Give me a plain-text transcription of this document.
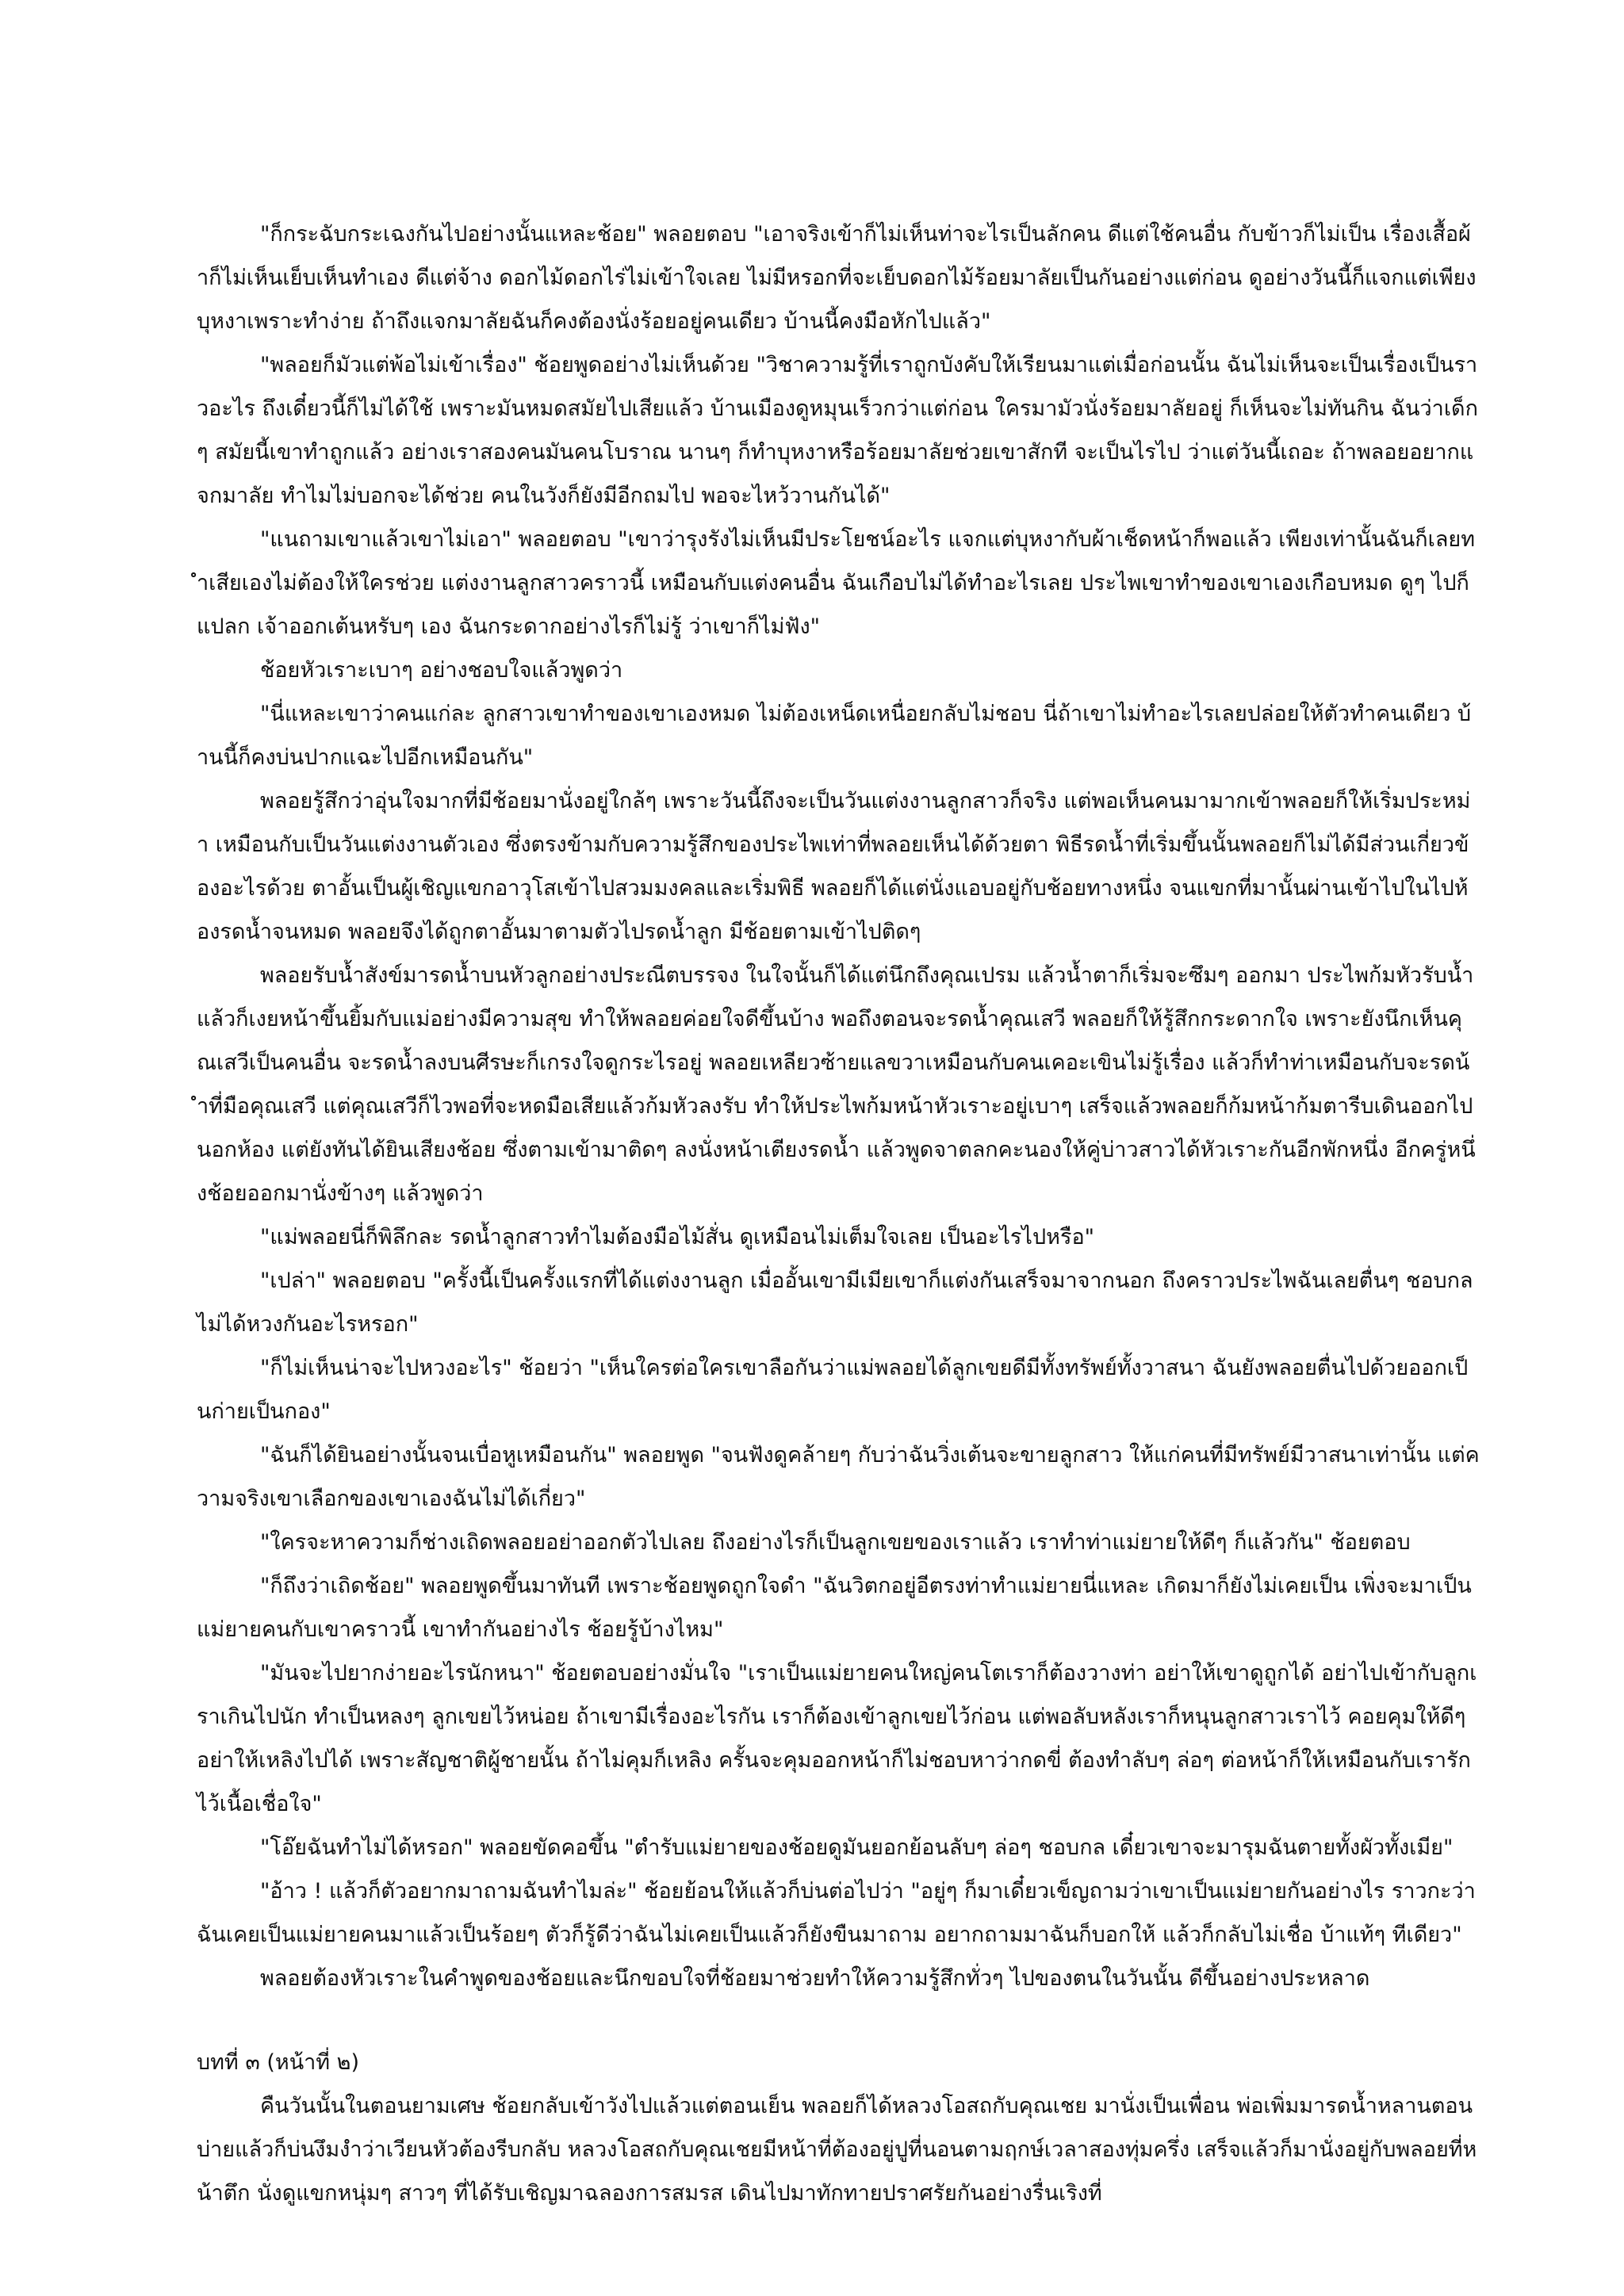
"ก็กระฉับกระเฉงกันไปอย่างนั้นแหละช้อย" พลอยตอบ "เอาจริงเข้าก็ไม่เห็นท่าจะไรเป็นลักคน ดีแต่ใช้คนอื่น กับข้าวก็ไม่เป็น เรื่องเสื้อผ้าก็ไม่เห็นเย็บเห็นทำเอง ดีแต่จ้าง ดอกไม้ดอกไร่ไม่เข้าใจเลย ไม่มีหรอกที่จะเย็บดอกไม้ร้อยมาลัยเป็นกันอย่างแต่ก่อน ดูอย่างวันนี้ก็แจกแต่เพียงบุหงาเพราะทำง่าย ถ้าถึงแจกมาลัยฉันก็คงต้องนั่งร้อยอยู่คนเดียว บ้านนี้คงมือหักไปแล้ว"

"พลอยก็มัวแต่พ้อไม่เข้าเรื่อง" ช้อยพูดอย่างไม่เห็นด้วย "วิชาความรู้ที่เราถูกบังคับให้เรียนมาแต่เมื่อก่อนนั้น ฉันไม่เห็นจะเป็นเรื่องเป็นราวอะไร ถึงเดี๋ยวนี้ก็ไม่ได้ใช้ เพราะมันหมดสมัยไปเสียแล้ว บ้านเมืองดูหมุนเร็วกว่าแต่ก่อน ใครมามัวนั่งร้อยมาลัยอยู่ ก็เห็นจะไม่ทันกิน ฉันว่าเด็กๆ สมัยนี้เขาทำถูกแล้ว อย่างเราสองคนมันคนโบราณ นานๆ ก็ทำบุหงาหรือร้อยมาลัยช่วยเขาสักที จะเป็นไรไป ว่าแต่วันนี้เถอะ ถ้าพลอยอยากแจกมาลัย ทำไมไม่บอกจะได้ช่วย คนในวังก็ยังมีอีกถมไป พอจะไหว้วานกันได้"

"แนถามเขาแล้วเขาไม่เอา" พลอยตอบ "เขาว่ารุงรังไม่เห็นมีประโยชน์อะไร แจกแต่บุหงากับผ้าเช็ดหน้าก็พอแล้ว เพียงเท่านั้นฉันก็เลยทำเสียเองไม่ต้องให้ใครช่วย แต่งงานลูกสาวคราวนี้ เหมือนกับแต่งคนอื่น ฉันเกือบไม่ได้ทำอะไรเลย ประไพเขาทำของเขาเองเกือบหมด ดูๆ ไปก็แปลก เจ้าออกเต้นหรับๆ เอง ฉันกระดากอย่างไรก็ไม่รู้ ว่าเขาก็ไม่ฟัง"

ช้อยหัวเราะเบาๆ อย่างชอบใจแล้วพูดว่า

"นี่แหละเขาว่าคนแก่ละ ลูกสาวเขาทำของเขาเองหมด ไม่ต้องเหน็ดเหนื่อยกลับไม่ชอบ นี่ถ้าเขาไม่ทำอะไรเลยปล่อยให้ตัวทำคนเดียว บ้านนี้ก็คงบ่นปากแฉะไปอีกเหมือนกัน"

พลอยรู้สึกว่าอุ่นใจมากที่มีช้อยมานั่งอยู่ใกล้ๆ เพราะวันนี้ถึงจะเป็นวันแต่งงานลูกสาวก็จริง แต่พอเห็นคนมามากเข้าพลอยก็ให้เริ่มประหม่า เหมือนกับเป็นวันแต่งงานตัวเอง ซึ่งตรงข้ามกับความรู้สึกของประไพเท่าที่พลอยเห็นได้ด้วยตา พิธีรดน้ำที่เริ่มขึ้นนั้นพลอยก็ไม่ได้มีส่วนเกี่ยวข้องอะไรด้วย ตาอั้นเป็นผู้เชิญแขกอาวุโสเข้าไปสวมมงคลและเริ่มพิธี พลอยก็ได้แต่นั่งแอบอยู่กับช้อยทางหนึ่ง จนแขกที่มานั้นผ่านเข้าไปในไปห้องรดน้ำจนหมด พลอยจึงได้ถูกตาอั้นมาตามตัวไปรดน้ำลูก มีช้อยตามเข้าไปติดๆ

พลอยรับน้ำสังข์มารดน้ำบนหัวลูกอย่างประณีตบรรจง ในใจนั้นก็ได้แต่นึกถึงคุณเปรม แล้วน้ำตาก็เริ่มจะซึมๆ ออกมา ประไพก้มหัวรับน้ำแล้วก็เงยหน้าขึ้นยิ้มกับแม่อย่างมีความสุข ทำให้พลอยค่อยใจดีขึ้นบ้าง พอถึงตอนจะรดน้ำคุณเสวี พลอยก็ให้รู้สึกกระดากใจ เพราะยังนึกเห็นคุณเสวีเป็นคนอื่น จะรดน้ำลงบนศีรษะก็เกรงใจดูกระไรอยู่ พลอยเหลียวซ้ายแลขวาเหมือนกับคนเคอะเขินไม่รู้เรื่อง แล้วก็ทำท่าเหมือนกับจะรดน้ำที่มือคุณเสวี แต่คุณเสวีก็ไวพอที่จะหดมือเสียแล้วก้มหัวลงรับ ทำให้ประไพก้มหน้าหัวเราะอยู่เบาๆ เสร็จแล้วพลอยก็ก้มหน้าก้มตารีบเดินออกไปนอกห้อง แต่ยังทันได้ยินเสียงช้อย ซึ่งตามเข้ามาติดๆ ลงนั่งหน้าเตียงรดน้ำ แล้วพูดจาตลกคะนองให้คู่บ่าวสาวได้หัวเราะกันอีกพักหนึ่ง อีกครู่หนึ่งช้อยออกมานั่งข้างๆ แล้วพูดว่า

"แม่พลอยนี่ก็พิลึกละ รดน้ำลูกสาวทำไมต้องมือไม้สั่น ดูเหมือนไม่เต็มใจเลย เป็นอะไรไปหรือ"

"เปล่า" พลอยตอบ "ครั้งนี้เป็นครั้งแรกที่ได้แต่งงานลูก เมื่ออั้นเขามีเมียเขาก็แต่งกันเสร็จมาจากนอก ถึงคราวประไพฉันเลยตื่นๆ ชอบกล ไม่ได้หวงกันอะไรหรอก"

"ก็ไม่เห็นน่าจะไปหวงอะไร" ช้อยว่า "เห็นใครต่อใครเขาลือกันว่าแม่พลอยได้ลูกเขยดีมีทั้งทรัพย์ทั้งวาสนา ฉันยังพลอยตื่นไปด้วยออกเป็นก่ายเป็นกอง"

"ฉันก็ได้ยินอย่างนั้นจนเบื่อหูเหมือนกัน" พลอยพูด "จนฟังดูคล้ายๆ กับว่าฉันวิ่งเต้นจะขายลูกสาว ให้แก่คนที่มีทรัพย์มีวาสนาเท่านั้น แต่ความจริงเขาเลือกของเขาเองฉันไม่ได้เกี่ยว"

"ใครจะหาความก็ช่างเถิดพลอยอย่าออกตัวไปเลย ถึงอย่างไรก็เป็นลูกเขยของเราแล้ว เราทำท่าแม่ยายให้ดีๆ ก็แล้วกัน" ช้อยตอบ

"ก็ถึงว่าเถิดช้อย" พลอยพูดขึ้นมาทันที เพราะช้อยพูดถูกใจดำ "ฉันวิตกอยู่อีตรงท่าทำแม่ยายนี่แหละ เกิดมาก็ยังไม่เคยเป็น เพิ่งจะมาเป็นแม่ยายคนกับเขาคราวนี้ เขาทำกันอย่างไร ช้อยรู้บ้างไหม"

"มันจะไปยากง่ายอะไรนักหนา" ช้อยตอบอย่างมั่นใจ "เราเป็นแม่ยายคนใหญ่คนโตเราก็ต้องวางท่า อย่าให้เขาดูถูกได้ อย่าไปเข้ากับลูกเราเกินไปนัก ทำเป็นหลงๆ ลูกเขยไว้หน่อย ถ้าเขามีเรื่องอะไรกัน เราก็ต้องเข้าลูกเขยไว้ก่อน แต่พอลับหลังเราก็หนุนลูกสาวเราไว้ คอยคุมให้ดีๆ อย่าให้เหลิงไปได้ เพราะสัญชาติผู้ชายนั้น ถ้าไม่คุมก็เหลิง ครั้นจะคุมออกหน้าก็ไม่ชอบหาว่ากดขี่ ต้องทำลับๆ ล่อๆ ต่อหน้าก็ให้เหมือนกับเรารักไว้เนื้อเชื่อใจ"

"โอ๊ยฉันทำไม่ได้หรอก" พลอยขัดคอขึ้น "ตำรับแม่ยายของช้อยดูมันยอกย้อนลับๆ ล่อๆ ชอบกล เดี๋ยวเขาจะมารุมฉันตายทั้งผัวทั้งเมีย"

"อ้าว ! แล้วก็ตัวอยากมาถามฉันทำไมล่ะ" ช้อยย้อนให้แล้วก็บ่นต่อไปว่า "อยู่ๆ ก็มาเดี๋ยวเข็ญถามว่าเขาเป็นแม่ยายกันอย่างไร ราวกะว่าฉันเคยเป็นแม่ยายคนมาแล้วเป็นร้อยๆ ตัวก็รู้ดีว่าฉันไม่เคยเป็นแล้วก็ยังขืนมาถาม อยากถามมาฉันก็บอกให้ แล้วก็กลับไม่เชื่อ บ้าแท้ๆ ทีเดียว"

พลอยต้องหัวเราะในคำพูดของช้อยและนึกขอบใจที่ช้อยมาช่วยทำให้ความรู้สึกทั่วๆ ไปของตนในวันนั้น ดีขึ้นอย่างประหลาด

บทที่ ๓ (หน้าที่ ๒)

คืนวันนั้นในตอนยามเศษ ช้อยกลับเข้าวังไปแล้วแต่ตอนเย็น พลอยก็ได้หลวงโอสถกับคุณเชย มานั่งเป็นเพื่อน พ่อเพิ่มมารดน้ำหลานตอนบ่ายแล้วก็บ่นงึมงำว่าเวียนหัวต้องรีบกลับ หลวงโอสถกับคุณเชยมีหน้าที่ต้องอยู่ปูที่นอนตามฤกษ์เวลาสองทุ่มครึ่ง เสร็จแล้วก็มานั่งอยู่กับพลอยที่หน้าตึก นั่งดูแขกหนุ่มๆ สาวๆ ที่ได้รับเชิญมาฉลองการสมรส เดินไปมาทักทายปราศรัยกันอย่างรื่นเริงที่
